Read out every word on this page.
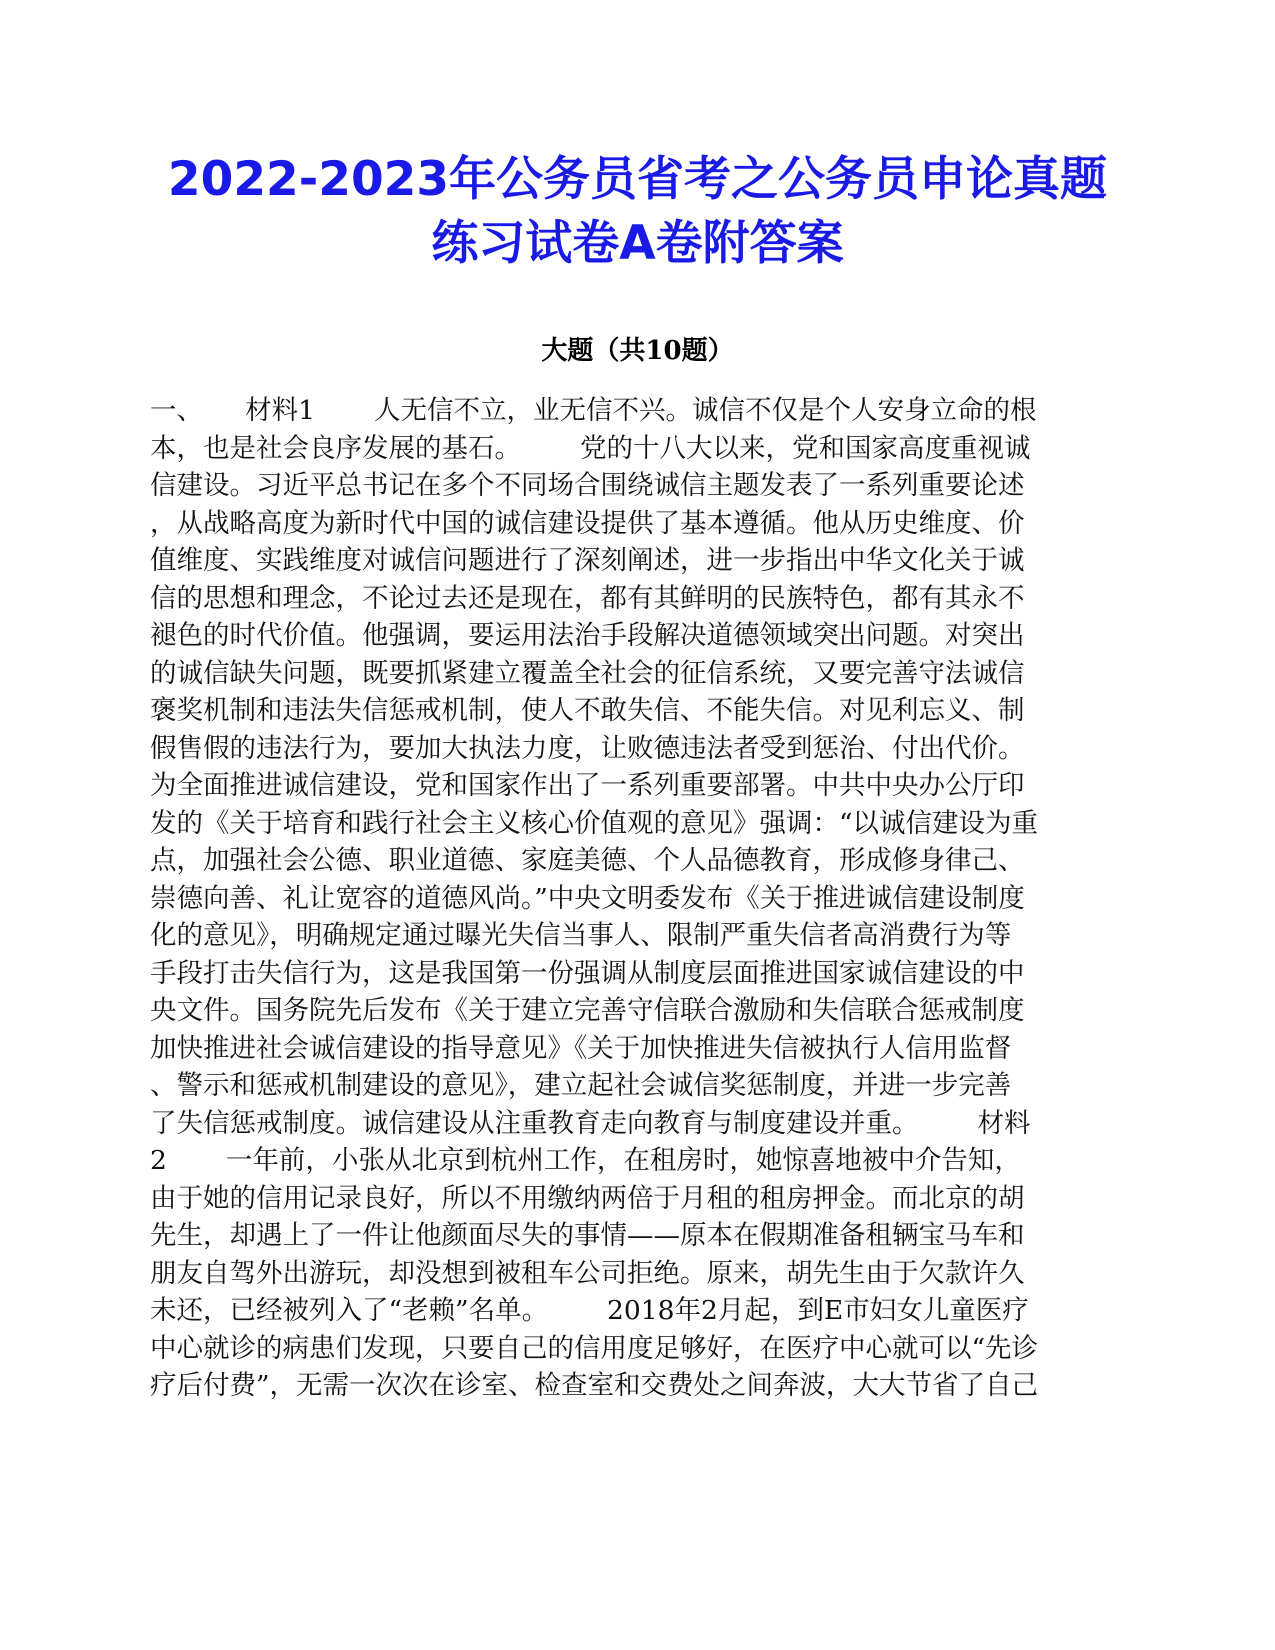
2022-2023年公务员省考之公务员申论真题
练习试卷A卷附答案
大题（共10题）
一、     材料1       人无信不立，业无信不兴。诚信不仅是个人安身立命的根
本，也是社会良序发展的基石。       党的十八大以来，党和国家高度重视诚
信建设。习近平总书记在多个不同场合围绕诚信主题发表了一系列重要论述
，从战略高度为新时代中国的诚信建设提供了基本遵循。他从历史维度、价
值维度、实践维度对诚信问题进行了深刻阐述，进一步指出中华文化关于诚
信的思想和理念，不论过去还是现在，都有其鲜明的民族特色，都有其永不
褪色的时代价值。他强调，要运用法治手段解决道德领域突出问题。对突出
的诚信缺失问题，既要抓紧建立覆盖全社会的征信系统，又要完善守法诚信
褒奖机制和违法失信惩戒机制，使人不敢失信、不能失信。对见利忘义、制
假售假的违法行为，要加大执法力度，让败德违法者受到惩治、付出代价。
为全面推进诚信建设，党和国家作出了一系列重要部署。中共中央办公厅印
发的《关于培育和践行社会主义核心价值观的意见》强调：“以诚信建设为重
点，加强社会公德、职业道德、家庭美德、个人品德教育，形成修身律己、
崇德向善、礼让宽容的道德风尚。”中央文明委发布《关于推进诚信建设制度
化的意见》，明确规定通过曝光失信当事人、限制严重失信者高消费行为等
手段打击失信行为，这是我国第一份强调从制度层面推进国家诚信建设的中
央文件。国务院先后发布《关于建立完善守信联合激励和失信联合惩戒制度
加快推进社会诚信建设的指导意见》《关于加快推进失信被执行人信用监督
、警示和惩戒机制建设的意见》，建立起社会诚信奖惩制度，并进一步完善
了失信惩戒制度。诚信建设从注重教育走向教育与制度建设并重。       材料
2       一年前，小张从北京到杭州工作，在租房时，她惊喜地被中介告知，
由于她的信用记录良好，所以不用缴纳两倍于月租的租房押金。而北京的胡
先生，却遇上了一件让他颜面尽失的事情——原本在假期准备租辆宝马车和
朋友自驾外出游玩，却没想到被租车公司拒绝。原来，胡先生由于欠款许久
未还，已经被列入了“老赖”名单。       2018年2月起，到E市妇女儿童医疗
中心就诊的病患们发现，只要自己的信用度足够好，在医疗中心就可以“先诊
疗后付费”，无需一次次在诊室、检查室和交费处之间奔波，大大节省了自己
